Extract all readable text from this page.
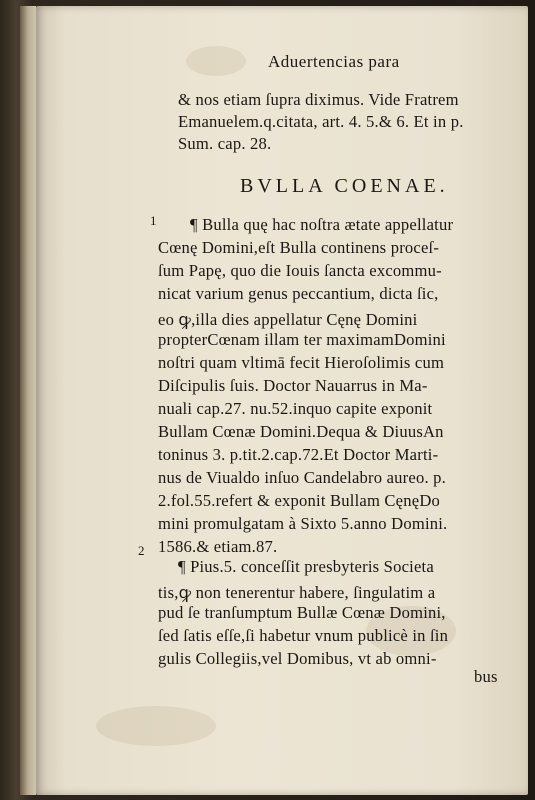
Aduertencias para
& nos etiam ſupra diximus. Vide Fratrem
Emanuelem.q.citata, art. 4. 5.& 6. Et in p.
Sum. cap. 28.
BVLLA COENAE.
1 ¶ Bulla quę hac noſtra ætate appellatur
Cœnę Domini,eſt Bulla continens proceſ-
ſum Papę, quo die Iouis ſancta excommu-
nicat varium genus peccantium, dicta ſic,
eo ꝙ,illa dies appellatur Cęnę Domini
propterCœnam illam ter maximamDomini
noſtri quam vltimā fecit Hieroſolimis cum
Diſcipulis ſuis. Doctor Nauarrus in Ma-
nuali cap.27. nu.52.inquo capite exponit
Bullam Cœnæ Domini.Dequa & DiuusAn
toninus 3. p.tit.2.cap.72.Et Doctor Marti-
nus de Viualdo inſuo Candelabro aureo. p.
2.fol.55.refert & exponit Bullam CęnęDo
mini promulgatam à Sixto 5.anno Domini.
1586.& etiam.87.
2
¶ Pius.5. conceſſit presbyteris Societa
tis,ꝙ non tenerentur habere, ſingulatim a
pud ſe tranſumptum Bullæ Cœnæ Domini,
ſed ſatis eſſe,ſi habetur vnum publicè in ſin
gulis Collegiis,vel Domibus, vt ab omni-
bus
